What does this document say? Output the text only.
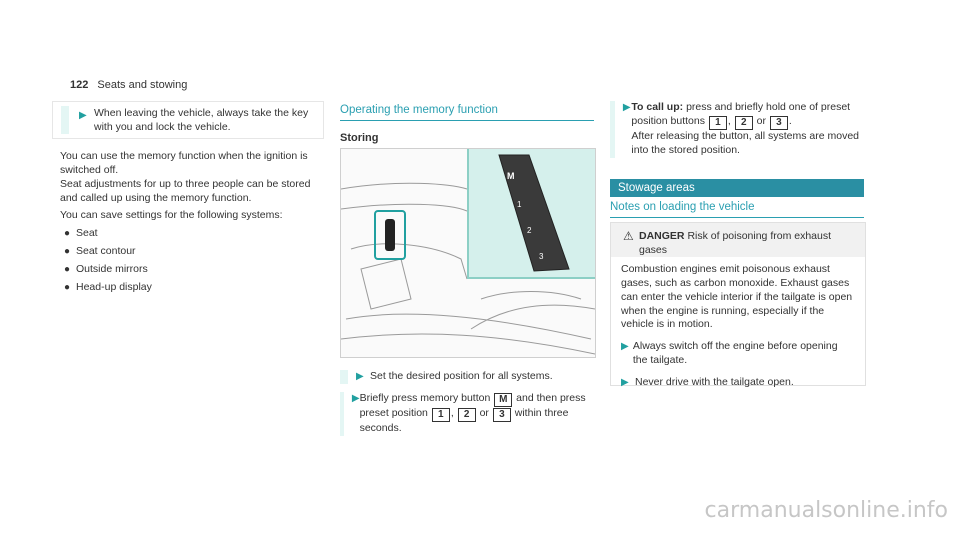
122 Seats and stowing
▶ When leaving the vehicle, always take the key with you and lock the vehicle.

You can use the memory function when the ignition is switched off.

Seat adjustments for up to three people can be stored and called up using the memory function.

You can save settings for the following systems:

● Seat
● Seat contour
● Outside mirrors
● Head-up display
Operating the memory function
Storing
M
1
2
3
▶ Set the desired position for all systems.
▶ Briefly press memory button M and then press preset position 1 , 2 or 3 within three seconds.
▶ To call up: press and briefly hold one of preset position buttons 1 , 2 or 3 .
After releasing the button, all systems are moved into the stored position.
Stowage areas
Notes on loading the vehicle
⚠ DANGER Risk of poisoning from exhaust gases

Combustion engines emit poisonous exhaust gases, such as carbon monoxide. Exhaust gases can enter the vehicle interior if the tailgate is open when the engine is running, especially if the vehicle is in motion.

▶ Always switch off the engine before opening the tailgate.
▶ Never drive with the tailgate open.
carmanualsonline.info
